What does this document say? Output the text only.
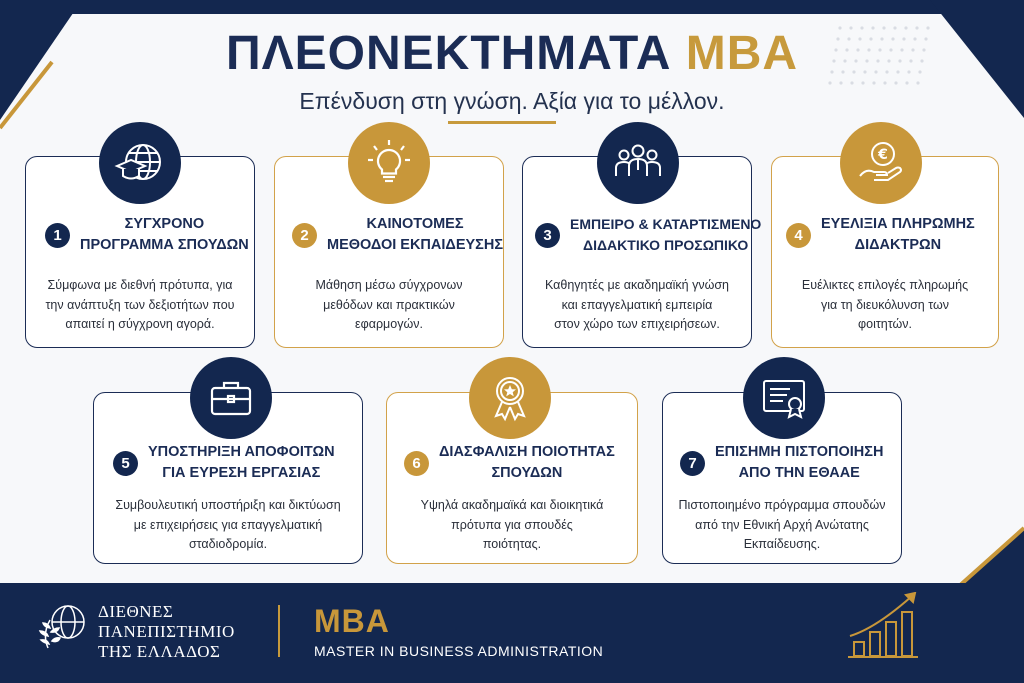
ΠΛΕΟΝΕΚΤΗΜΑΤΑ MBA
Επένδυση στη γνώση. Αξία για το μέλλον.
1
ΣΥΓΧΡΟΝΟ
ΠΡΟΓΡΑΜΜΑ ΣΠΟΥΔΩΝ
Σύμφωνα με διεθνή πρότυπα, για
την ανάπτυξη των δεξιοτήτων που
απαιτεί η σύγχρονη αγορά.
2
ΚΑΙΝΟΤΟΜΕΣ
ΜΕΘΟΔΟΙ ΕΚΠΑΙΔΕΥΣΗΣ
Μάθηση μέσω σύγχρονων
μεθόδων και πρακτικών
εφαρμογών.
3
ΕΜΠΕΙΡΟ & ΚΑΤΑΡΤΙΣΜΕΝΟ
ΔΙΔΑΚΤΙΚΟ ΠΡΟΣΩΠΙΚΟ
Καθηγητές με ακαδημαϊκή γνώση
και επαγγελματική εμπειρία
στον χώρο των επιχειρήσεων.
€
4
ΕΥΕΛΙΞΙΑ ΠΛΗΡΩΜΗΣ
ΔΙΔΑΚΤΡΩΝ
Ευέλικτες επιλογές πληρωμής
για τη διευκόλυνση των
φοιτητών.
5
ΥΠΟΣΤΗΡΙΞΗ ΑΠΟΦΟΙΤΩΝ
ΓΙΑ ΕΥΡΕΣΗ ΕΡΓΑΣΙΑΣ
Συμβουλευτική υποστήριξη και δικτύωση
με επιχειρήσεις για επαγγελματική
σταδιοδρομία.
6
ΔΙΑΣΦΑΛΙΣΗ ΠΟΙΟΤΗΤΑΣ
ΣΠΟΥΔΩΝ
Υψηλά ακαδημαϊκά και διοικητικά
πρότυπα για σπουδές
ποιότητας.
7
ΕΠΙΣΗΜΗ ΠΙΣΤΟΠΟΙΗΣΗ
ΑΠΟ ΤΗΝ ΕΘΑΑΕ
Πιστοποιημένο πρόγραμμα σπουδών
από την Εθνική Αρχή Ανώτατης
Εκπαίδευσης.
ΔΙΕΘΝΕΣ
ΠΑΝΕΠΙΣΤΗΜΙΟ
ΤΗΣ ΕΛΛΑΔΟΣ
MBA
MASTER IN BUSINESS ADMINISTRATION
